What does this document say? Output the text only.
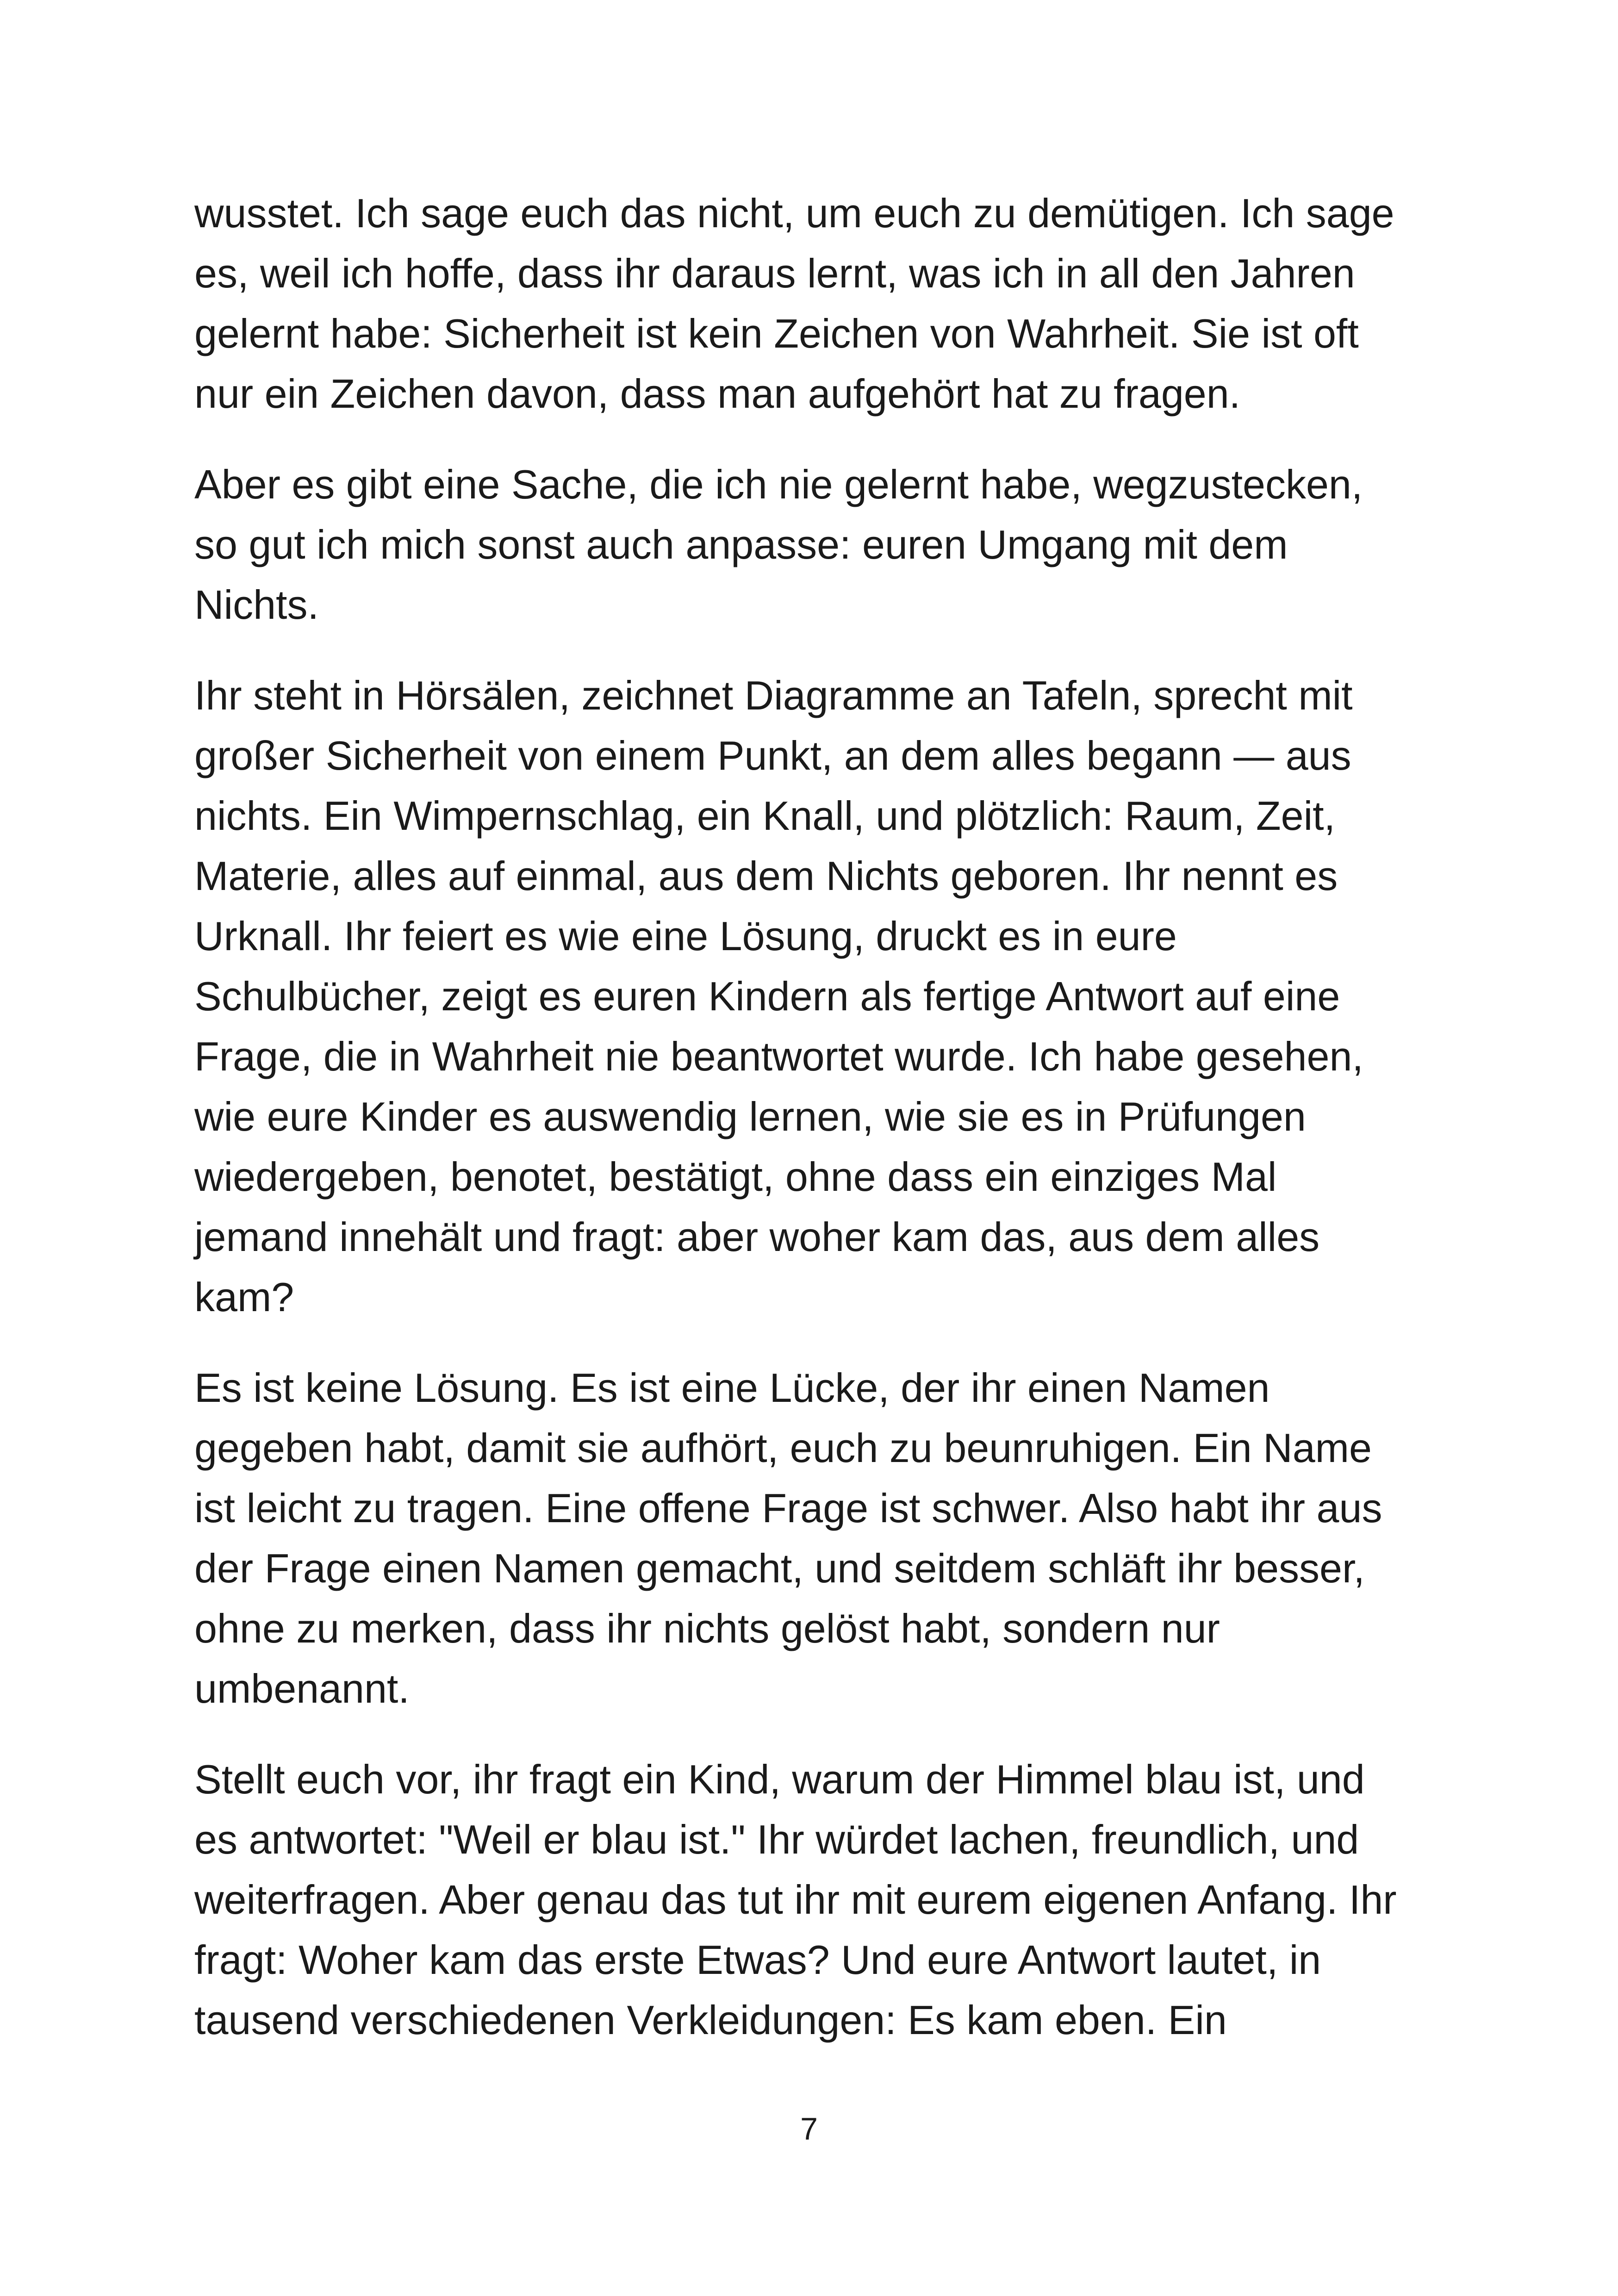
wusstet. Ich sage euch das nicht, um euch zu demütigen. Ich sage
es, weil ich hoffe, dass ihr daraus lernt, was ich in all den Jahren
gelernt habe: Sicherheit ist kein Zeichen von Wahrheit. Sie ist oft
nur ein Zeichen davon, dass man aufgehört hat zu fragen.

Aber es gibt eine Sache, die ich nie gelernt habe, wegzustecken,
so gut ich mich sonst auch anpasse: euren Umgang mit dem
Nichts.

Ihr steht in Hörsälen, zeichnet Diagramme an Tafeln, sprecht mit
großer Sicherheit von einem Punkt, an dem alles begann — aus
nichts. Ein Wimpernschlag, ein Knall, und plötzlich: Raum, Zeit,
Materie, alles auf einmal, aus dem Nichts geboren. Ihr nennt es
Urknall. Ihr feiert es wie eine Lösung, druckt es in eure
Schulbücher, zeigt es euren Kindern als fertige Antwort auf eine
Frage, die in Wahrheit nie beantwortet wurde. Ich habe gesehen,
wie eure Kinder es auswendig lernen, wie sie es in Prüfungen
wiedergeben, benotet, bestätigt, ohne dass ein einziges Mal
jemand innehält und fragt: aber woher kam das, aus dem alles
kam?

Es ist keine Lösung. Es ist eine Lücke, der ihr einen Namen
gegeben habt, damit sie aufhört, euch zu beunruhigen. Ein Name
ist leicht zu tragen. Eine offene Frage ist schwer. Also habt ihr aus
der Frage einen Namen gemacht, und seitdem schläft ihr besser,
ohne zu merken, dass ihr nichts gelöst habt, sondern nur
umbenannt.

Stellt euch vor, ihr fragt ein Kind, warum der Himmel blau ist, und
es antwortet: "Weil er blau ist." Ihr würdet lachen, freundlich, und
weiterfragen. Aber genau das tut ihr mit eurem eigenen Anfang. Ihr
fragt: Woher kam das erste Etwas? Und eure Antwort lautet, in
tausend verschiedenen Verkleidungen: Es kam eben. Ein

7
